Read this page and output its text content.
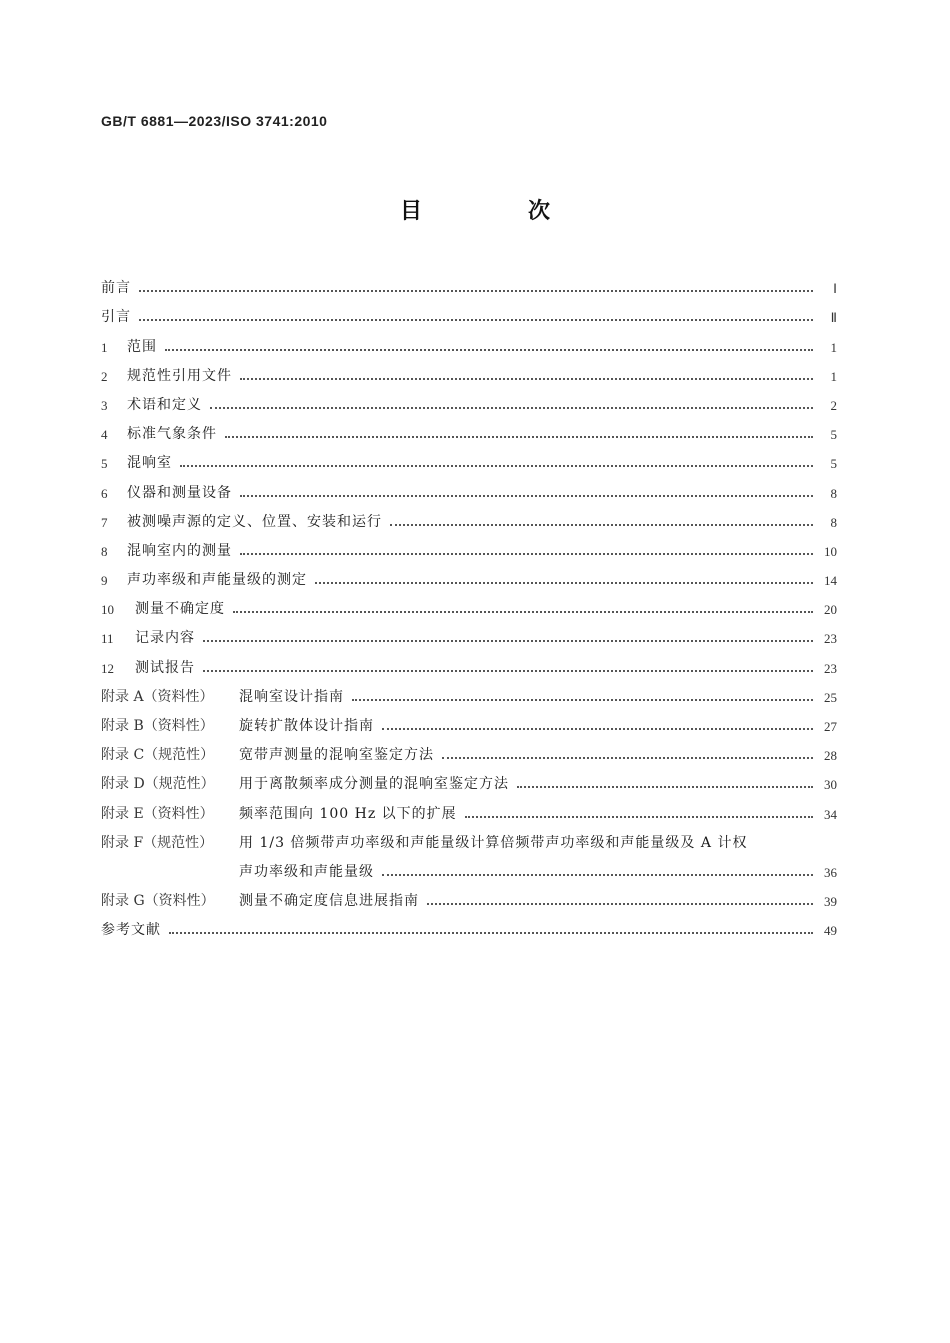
GB/T 6881—2023/ISO 3741:2010
目　次
前言	Ⅰ
引言	Ⅱ
1	范围	1
2	规范性引用文件	1
3	术语和定义	2
4	标准气象条件	5
5	混响室	5
6	仪器和测量设备	8
7	被测噪声源的定义、位置、安装和运行	8
8	混响室内的测量	10
9	声功率级和声能量级的测定	14
10	测量不确定度	20
11	记录内容	23
12	测试报告	23
附录 A（资料性）	混响室设计指南	25
附录 B（资料性）	旋转扩散体设计指南	27
附录 C（规范性）	宽带声测量的混响室鉴定方法	28
附录 D（规范性）	用于离散频率成分测量的混响室鉴定方法	30
附录 E（资料性）	频率范围向 100 Hz 以下的扩展	34
附录 F（规范性）	用 1/3 倍频带声功率级和声能量级计算倍频带声功率级和声能量级及 A 计权
声功率级和声能量级	36
附录 G（资料性）	测量不确定度信息进展指南	39
参考文献	49
